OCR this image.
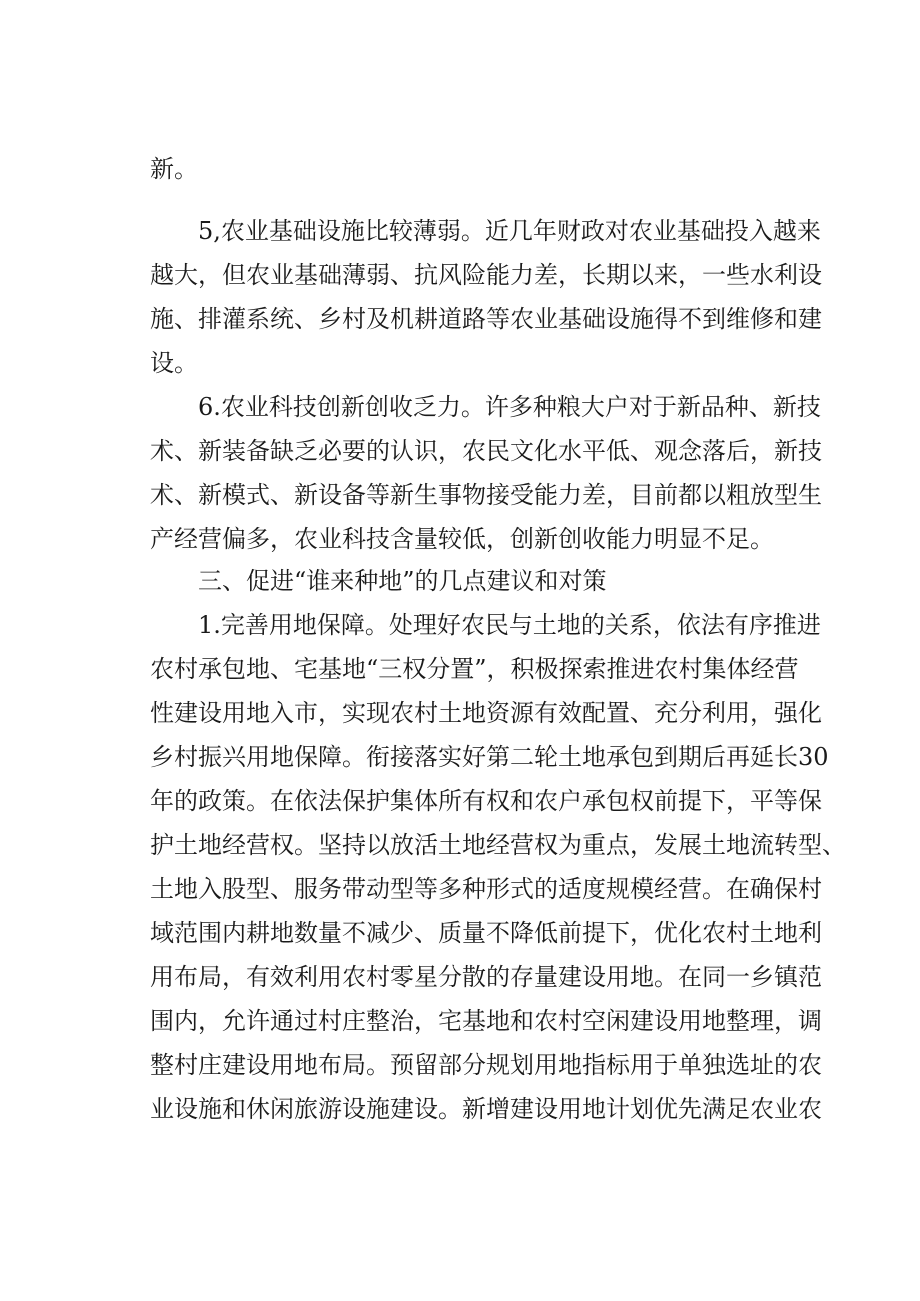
新。
5,农业基础设施比较薄弱。近几年财政对农业基础投入越来
越大，但农业基础薄弱、抗风险能力差，长期以来，一些水利设
施、排灌系统、乡村及机耕道路等农业基础设施得不到维修和建
设。
6.农业科技创新创收乏力。许多种粮大户对于新品种、新技
术、新装备缺乏必要的认识，农民文化水平低、观念落后，新技
术、新模式、新设备等新生事物接受能力差，目前都以粗放型生
产经营偏多，农业科技含量较低，创新创收能力明显不足。
三、促进“谁来种地”的几点建议和对策
1.完善用地保障。处理好农民与土地的关系，依法有序推进
农村承包地、宅基地“三权分置”，积极探索推进农村集体经营
性建设用地入市，实现农村土地资源有效配置、充分利用，强化
乡村振兴用地保障。衔接落实好第二轮土地承包到期后再延长30
年的政策。在依法保护集体所有权和农户承包权前提下，平等保
护土地经营权。坚持以放活土地经营权为重点，发展土地流转型、
土地入股型、服务带动型等多种形式的适度规模经营。在确保村
域范围内耕地数量不减少、质量不降低前提下，优化农村土地利
用布局，有效利用农村零星分散的存量建设用地。在同一乡镇范
围内，允许通过村庄整治，宅基地和农村空闲建设用地整理，调
整村庄建设用地布局。预留部分规划用地指标用于单独选址的农
业设施和休闲旅游设施建设。新增建设用地计划优先满足农业农
